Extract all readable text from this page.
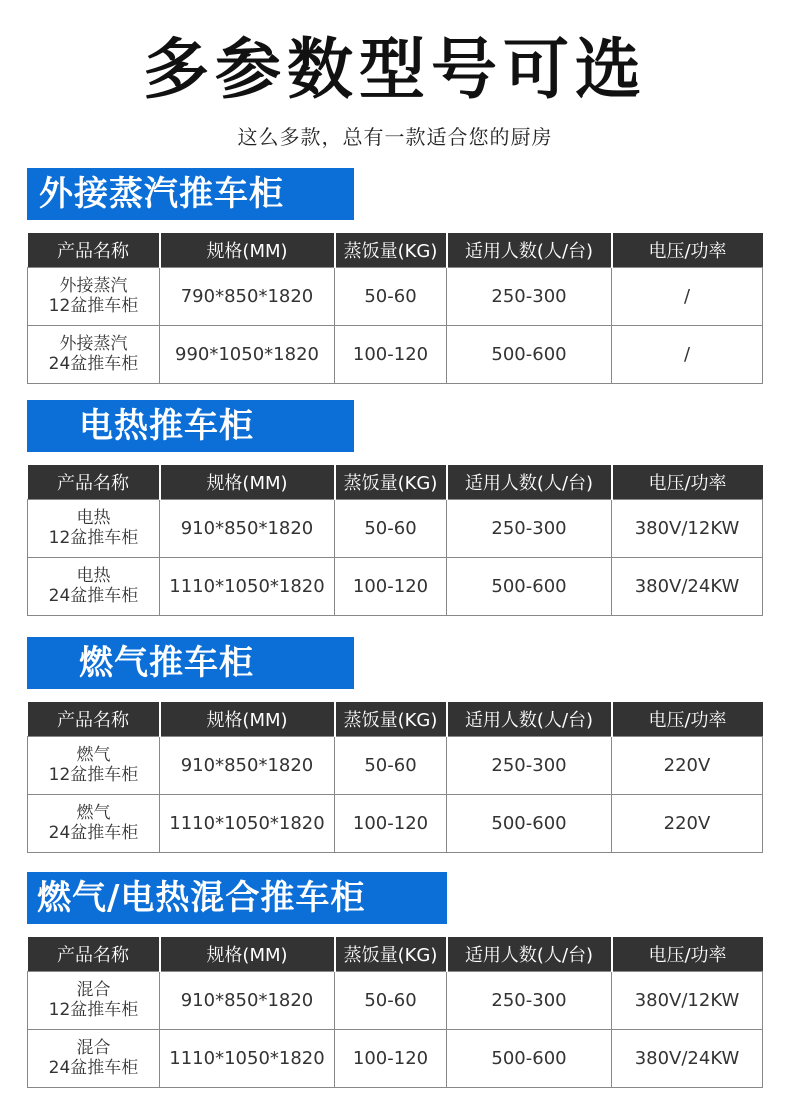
多参数型号可选
这么多款，总有一款适合您的厨房
外接蒸汽推车柜
产品名称	规格(MM)	蒸饭量(KG)	适用人数(人/台)	电压/功率

外接蒸汽
12盆推车柜	790*850*1820	50-60	250-300	/

外接蒸汽
24盆推车柜	990*1050*1820	100-120	500-600	/
电热推车柜
产品名称	规格(MM)	蒸饭量(KG)	适用人数(人/台)	电压/功率

电热
12盆推车柜	910*850*1820	50-60	250-300	380V/12KW

电热
24盆推车柜	1110*1050*1820	100-120	500-600	380V/24KW
燃气推车柜
产品名称	规格(MM)	蒸饭量(KG)	适用人数(人/台)	电压/功率

燃气
12盆推车柜	910*850*1820	50-60	250-300	220V

燃气
24盆推车柜	1110*1050*1820	100-120	500-600	220V
燃气/电热混合推车柜
产品名称	规格(MM)	蒸饭量(KG)	适用人数(人/台)	电压/功率

混合
12盆推车柜	910*850*1820	50-60	250-300	380V/12KW

混合
24盆推车柜	1110*1050*1820	100-120	500-600	380V/24KW
